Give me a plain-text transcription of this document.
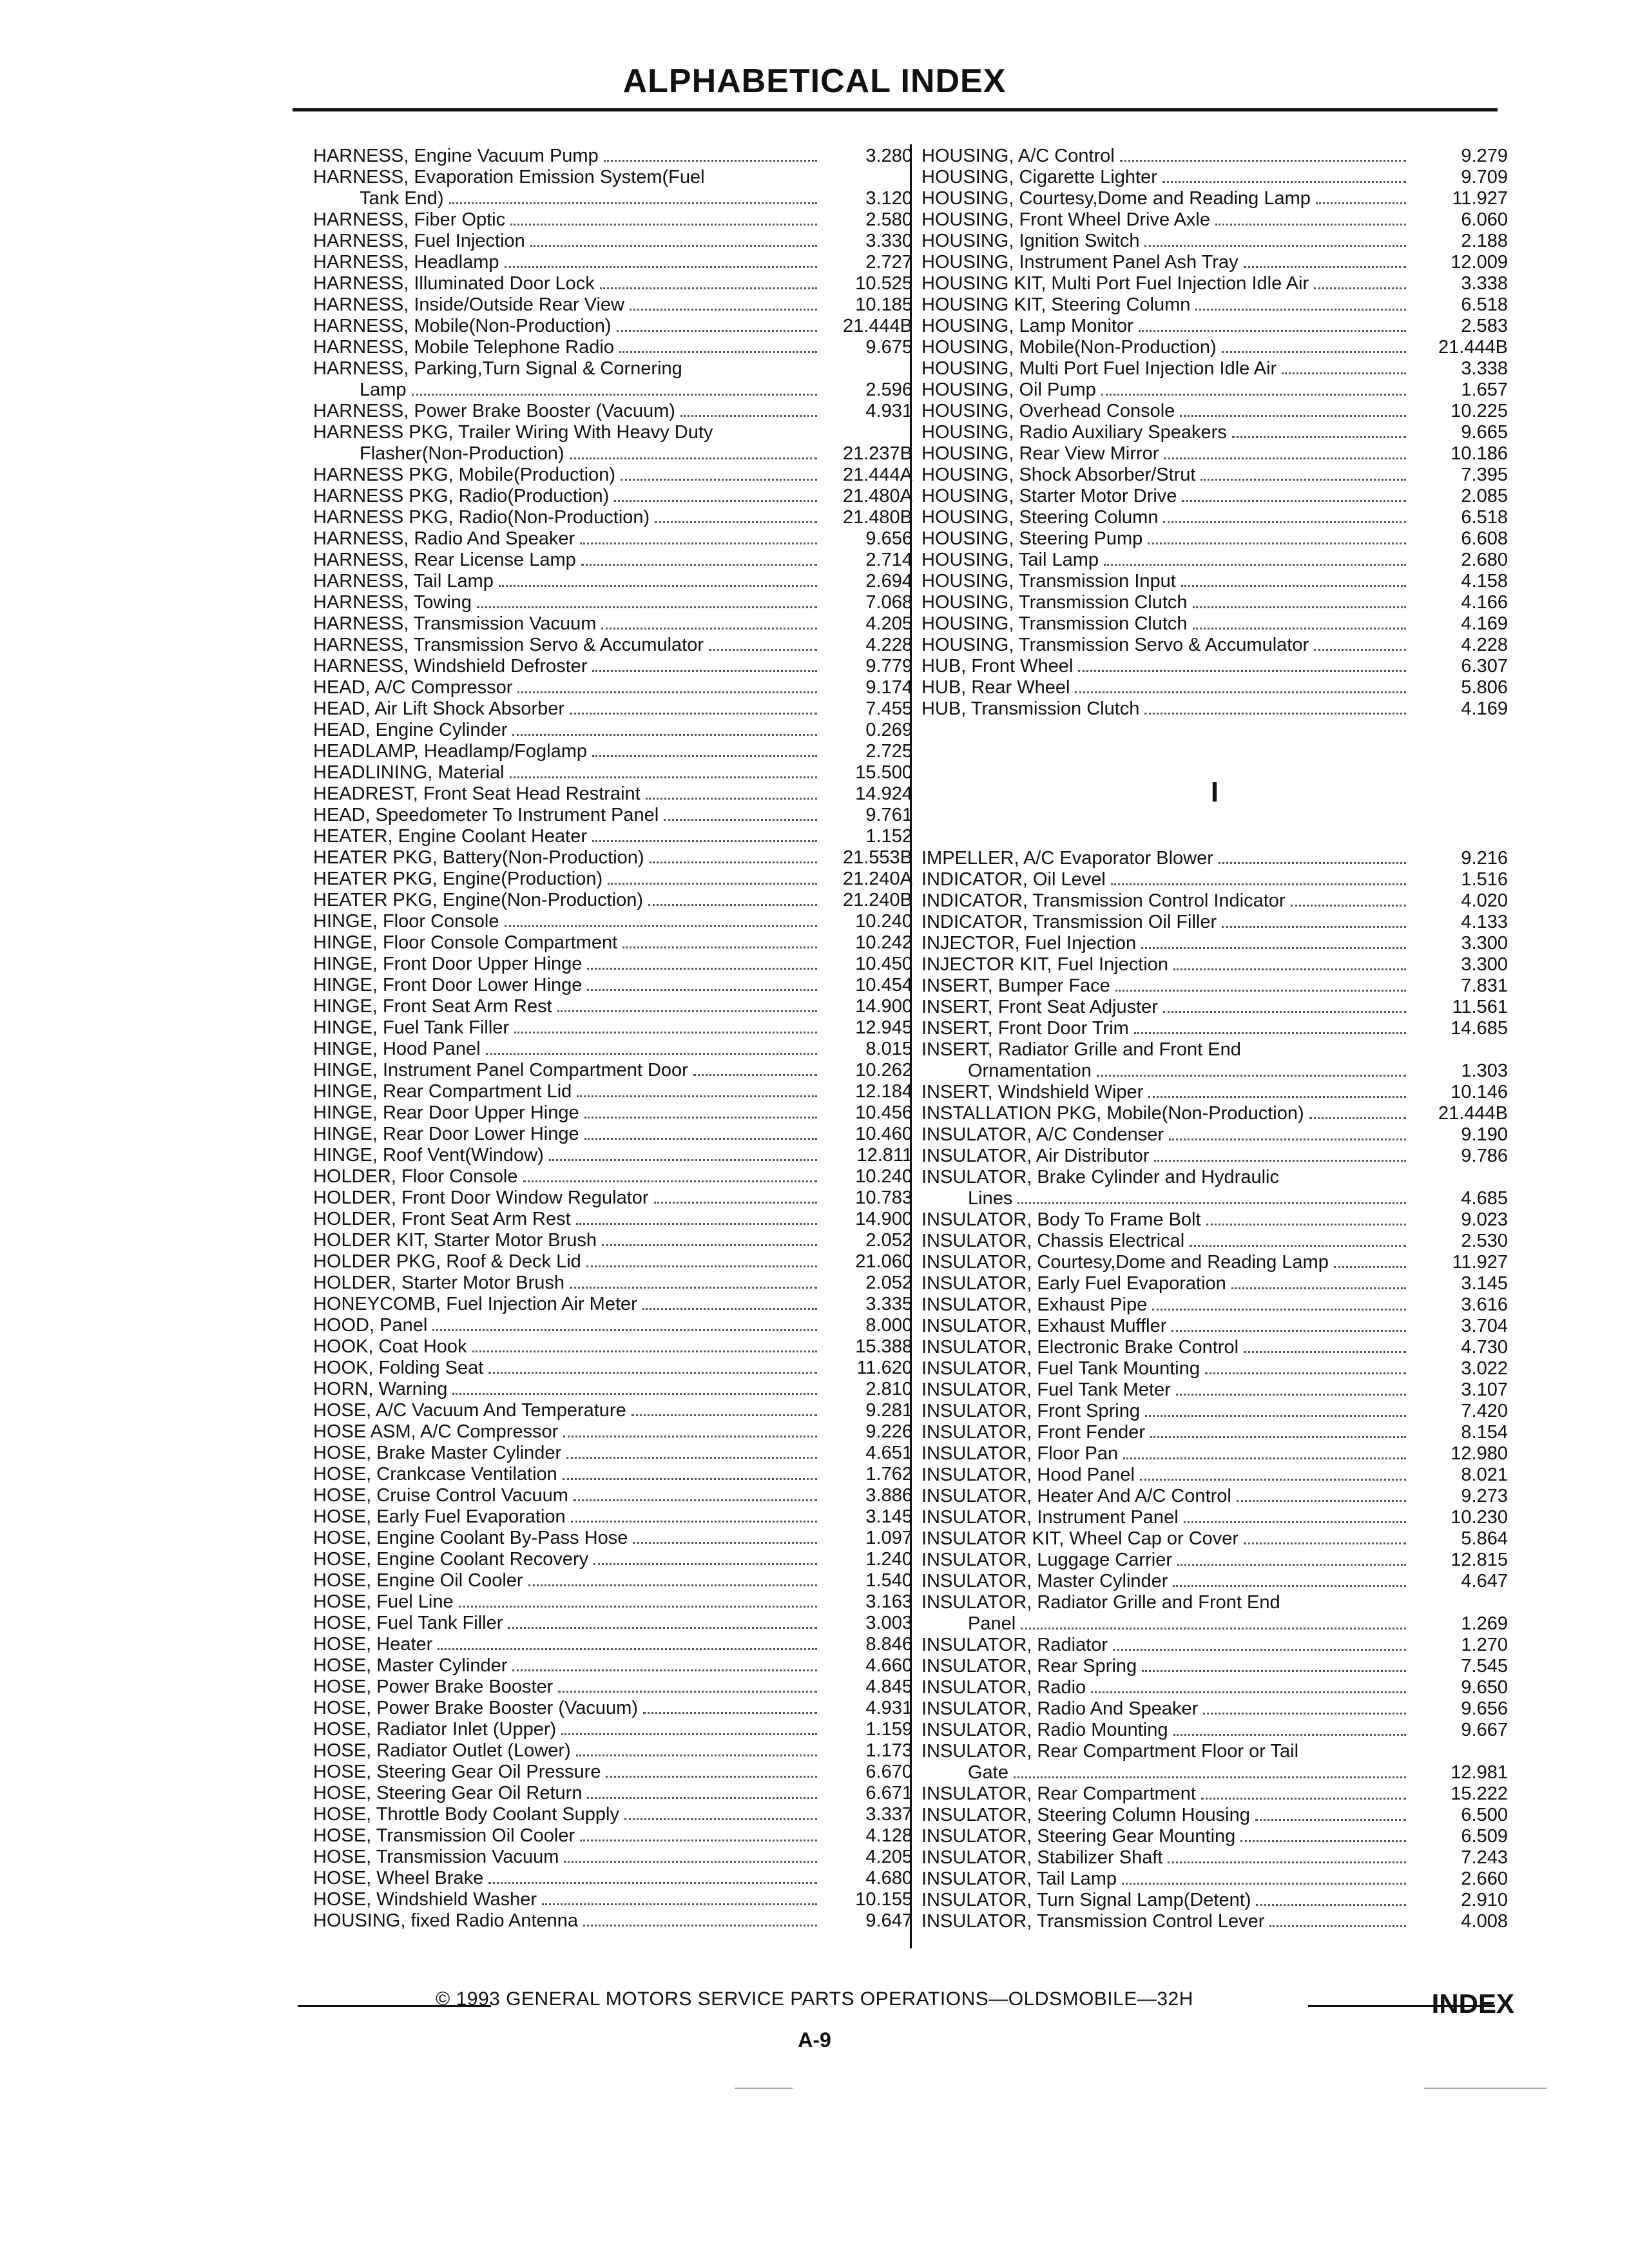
ALPHABETICAL INDEX
HARNESS, Engine Vacuum Pump	3.280
HARNESS, Evaporation Emission System(Fuel
Tank End)	3.120
HARNESS, Fiber Optic	2.580
HARNESS, Fuel Injection	3.330
HARNESS, Headlamp	2.727
HARNESS, Illuminated Door Lock	10.525
HARNESS, Inside/Outside Rear View	10.185
HARNESS, Mobile(Non-Production)	21.444B
HARNESS, Mobile Telephone Radio	9.675
HARNESS, Parking,Turn Signal & Cornering
Lamp	2.596
HARNESS, Power Brake Booster (Vacuum)	4.931
HARNESS PKG, Trailer Wiring With Heavy Duty
Flasher(Non-Production)	21.237B
HARNESS PKG, Mobile(Production)	21.444A
HARNESS PKG, Radio(Production)	21.480A
HARNESS PKG, Radio(Non-Production)	21.480B
HARNESS, Radio And Speaker	9.656
HARNESS, Rear License Lamp	2.714
HARNESS, Tail Lamp	2.694
HARNESS, Towing	7.068
HARNESS, Transmission Vacuum	4.205
HARNESS, Transmission Servo & Accumulator	4.228
HARNESS, Windshield Defroster	9.779
HEAD, A/C Compressor	9.174
HEAD, Air Lift Shock Absorber	7.455
HEAD, Engine Cylinder	0.269
HEADLAMP, Headlamp/Foglamp	2.725
HEADLINING, Material	15.500
HEADREST, Front Seat Head Restraint	14.924
HEAD, Speedometer To Instrument Panel	9.761
HEATER, Engine Coolant Heater	1.152
HEATER PKG, Battery(Non-Production)	21.553B
HEATER PKG, Engine(Production)	21.240A
HEATER PKG, Engine(Non-Production)	21.240B
HINGE, Floor Console	10.240
HINGE, Floor Console Compartment	10.242
HINGE, Front Door Upper Hinge	10.450
HINGE, Front Door Lower Hinge	10.454
HINGE, Front Seat Arm Rest	14.900
HINGE, Fuel Tank Filler	12.945
HINGE, Hood Panel	8.015
HINGE, Instrument Panel Compartment Door	10.262
HINGE, Rear Compartment Lid	12.184
HINGE, Rear Door Upper Hinge	10.456
HINGE, Rear Door Lower Hinge	10.460
HINGE, Roof Vent(Window)	12.811
HOLDER, Floor Console	10.240
HOLDER, Front Door Window Regulator	10.783
HOLDER, Front Seat Arm Rest	14.900
HOLDER KIT, Starter Motor Brush	2.052
HOLDER PKG, Roof & Deck Lid	21.060
HOLDER, Starter Motor Brush	2.052
HONEYCOMB, Fuel Injection Air Meter	3.335
HOOD, Panel	8.000
HOOK, Coat Hook	15.388
HOOK, Folding Seat	11.620
HORN, Warning	2.810
HOSE, A/C Vacuum And Temperature	9.281
HOSE ASM, A/C Compressor	9.226
HOSE, Brake Master Cylinder	4.651
HOSE, Crankcase Ventilation	1.762
HOSE, Cruise Control Vacuum	3.886
HOSE, Early Fuel Evaporation	3.145
HOSE, Engine Coolant By-Pass Hose	1.097
HOSE, Engine Coolant Recovery	1.240
HOSE, Engine Oil Cooler	1.540
HOSE, Fuel Line	3.163
HOSE, Fuel Tank Filler	3.003
HOSE, Heater	8.846
HOSE, Master Cylinder	4.660
HOSE, Power Brake Booster	4.845
HOSE, Power Brake Booster (Vacuum)	4.931
HOSE, Radiator Inlet (Upper)	1.159
HOSE, Radiator Outlet (Lower)	1.173
HOSE, Steering Gear Oil Pressure	6.670
HOSE, Steering Gear Oil Return	6.671
HOSE, Throttle Body Coolant Supply	3.337
HOSE, Transmission Oil Cooler	4.128
HOSE, Transmission Vacuum	4.205
HOSE, Wheel Brake	4.680
HOSE, Windshield Washer	10.155
HOUSING, fixed Radio Antenna	9.647
HOUSING, A/C Control	9.279
HOUSING, Cigarette Lighter	9.709
HOUSING, Courtesy,Dome and Reading Lamp	11.927
HOUSING, Front Wheel Drive Axle	6.060
HOUSING, Ignition Switch	2.188
HOUSING, Instrument Panel Ash Tray	12.009
HOUSING KIT, Multi Port Fuel Injection Idle Air	3.338
HOUSING KIT, Steering Column	6.518
HOUSING, Lamp Monitor	2.583
HOUSING, Mobile(Non-Production)	21.444B
HOUSING, Multi Port Fuel Injection Idle Air	3.338
HOUSING, Oil Pump	1.657
HOUSING, Overhead Console	10.225
HOUSING, Radio Auxiliary Speakers	9.665
HOUSING, Rear View Mirror	10.186
HOUSING, Shock Absorber/Strut	7.395
HOUSING, Starter Motor Drive	2.085
HOUSING, Steering Column	6.518
HOUSING, Steering Pump	6.608
HOUSING, Tail Lamp	2.680
HOUSING, Transmission Input	4.158
HOUSING, Transmission Clutch	4.166
HOUSING, Transmission Clutch	4.169
HOUSING, Transmission Servo & Accumulator	4.228
HUB, Front Wheel	6.307
HUB, Rear Wheel	5.806
HUB, Transmission Clutch	4.169
I
IMPELLER, A/C Evaporator Blower	9.216
INDICATOR, Oil Level	1.516
INDICATOR, Transmission Control Indicator	4.020
INDICATOR, Transmission Oil Filler	4.133
INJECTOR, Fuel Injection	3.300
INJECTOR KIT, Fuel Injection	3.300
INSERT, Bumper Face	7.831
INSERT, Front Seat Adjuster	11.561
INSERT, Front Door Trim	14.685
INSERT, Radiator Grille and Front End
Ornamentation	1.303
INSERT, Windshield Wiper	10.146
INSTALLATION PKG, Mobile(Non-Production)	21.444B
INSULATOR, A/C Condenser	9.190
INSULATOR, Air Distributor	9.786
INSULATOR, Brake Cylinder and Hydraulic
Lines	4.685
INSULATOR, Body To Frame Bolt	9.023
INSULATOR, Chassis Electrical	2.530
INSULATOR, Courtesy,Dome and Reading Lamp	11.927
INSULATOR, Early Fuel Evaporation	3.145
INSULATOR, Exhaust Pipe	3.616
INSULATOR, Exhaust Muffler	3.704
INSULATOR, Electronic Brake Control	4.730
INSULATOR, Fuel Tank Mounting	3.022
INSULATOR, Fuel Tank Meter	3.107
INSULATOR, Front Spring	7.420
INSULATOR, Front Fender	8.154
INSULATOR, Floor Pan	12.980
INSULATOR, Hood Panel	8.021
INSULATOR, Heater And A/C Control	9.273
INSULATOR, Instrument Panel	10.230
INSULATOR KIT, Wheel Cap or Cover	5.864
INSULATOR, Luggage Carrier	12.815
INSULATOR, Master Cylinder	4.647
INSULATOR, Radiator Grille and Front End
Panel	1.269
INSULATOR, Radiator	1.270
INSULATOR, Rear Spring	7.545
INSULATOR, Radio	9.650
INSULATOR, Radio And Speaker	9.656
INSULATOR, Radio Mounting	9.667
INSULATOR, Rear Compartment Floor or Tail
Gate	12.981
INSULATOR, Rear Compartment	15.222
INSULATOR, Steering Column Housing	6.500
INSULATOR, Steering Gear Mounting	6.509
INSULATOR, Stabilizer Shaft	7.243
INSULATOR, Tail Lamp	2.660
INSULATOR, Turn Signal Lamp(Detent)	2.910
INSULATOR, Transmission Control Lever	4.008
© 1993 GENERAL MOTORS SERVICE PARTS OPERATIONS—OLDSMOBILE—32H
A-9
INDEX
